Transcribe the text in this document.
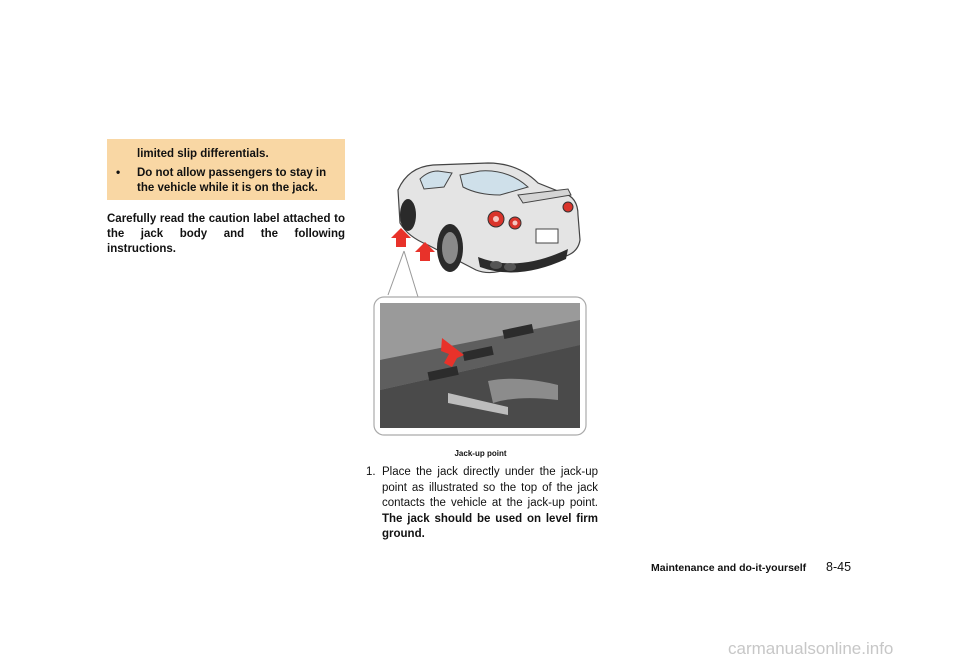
limited slip differentials.
• Do not allow passengers to stay in
the vehicle while it is on the jack.
Carefully read the caution label attached to the jack body and the following instructions.
Jack-up point
1. Place the jack directly under the jack-up point as illustrated so the top of the jack contacts the vehicle at the jack-up point. The jack should be used on level firm ground.
Maintenance and do-it-yourself 8-45
carmanualsonline.info
